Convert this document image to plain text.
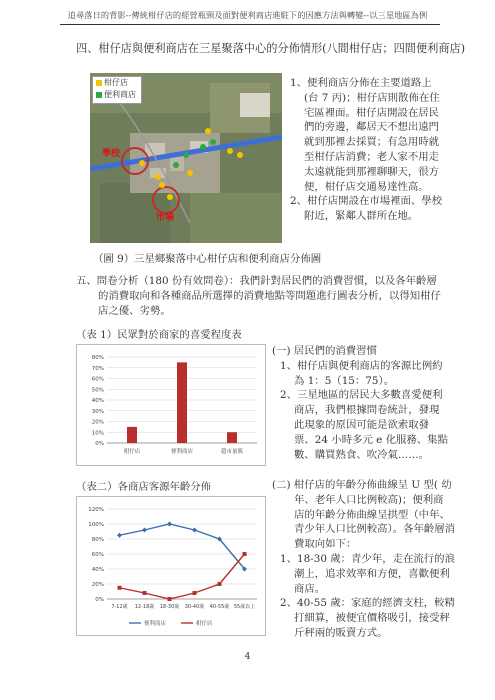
追尋落日的背影--傳統柑仔店的經營瓶頸及面對便利商店進駐下的因應方法與轉變--以三星地區為例
四、柑仔店與便利商店在三星聚落中心的分佈情形(八間柑仔店；四間便利商店)
柑仔店
便利商店
學校
市場
1、便利商店分佈在主要道路上
(台 7 丙)；柑仔店則散佈在住
宅區裡面。柑仔店開設在居民
們的旁邊，鄰居天不想出遠門
就到那裡去採買；有急用時就
至柑仔店消費；老人家不用走
太遠就能到那裡聊聊天，很方
便，柑仔店交通易達性高。
2、柑仔店開設在市場裡面、學校
附近，緊鄰人群所在地。
（圖 9）三星鄉聚落中心柑仔店和便利商店分佈圖
五、問卷分析（180 份有效問卷）：我們針對居民們的消費習慣，以及各年齡層
的消費取向和各種商品所選擇的消費地點等問題進行圖表分析，以得知柑仔
店之優、劣勢。
（表 1）民眾對於商家的喜愛程度表
0%
10%
20%
30%
40%
50%
60%
70%
80%
柑仔店	便利商店	超市量販
(一) 居民們的消費習慣
1、柑仔店與便利商店的客源比例約
為 1：5（15：75）。
2、三星地區的居民大多數喜愛便利
商店，我們根據問卷統計，發現
此現象的原因可能是欲索取發
票、24 小時多元 e 化服務、集點
數、購買熟食、吹冷氣……。
（表二）各商店客源年齡分佈
0%
20%
40%
60%
80%
100%
120%
7-12歲 12-18歲 18-30歲 30-40歲 40-55歲 55歲以上
便利商店	柑仔店
(二) 柑仔店的年齡分佈曲線呈 U 型( 幼
年、老年人口比例較高)；便利商
店的年齡分佈曲線呈拱型（中年、
青少年人口比例較高）。各年齡層消
費取向如下：
1、18-30 歲：青少年，走在流行的浪
潮上，追求效率和方便，喜歡便利
商店。
2、40-55 歲：家庭的經濟支柱，較精
打細算，被便宜價格吸引，接受秤
斤秤兩的販賣方式。
4
